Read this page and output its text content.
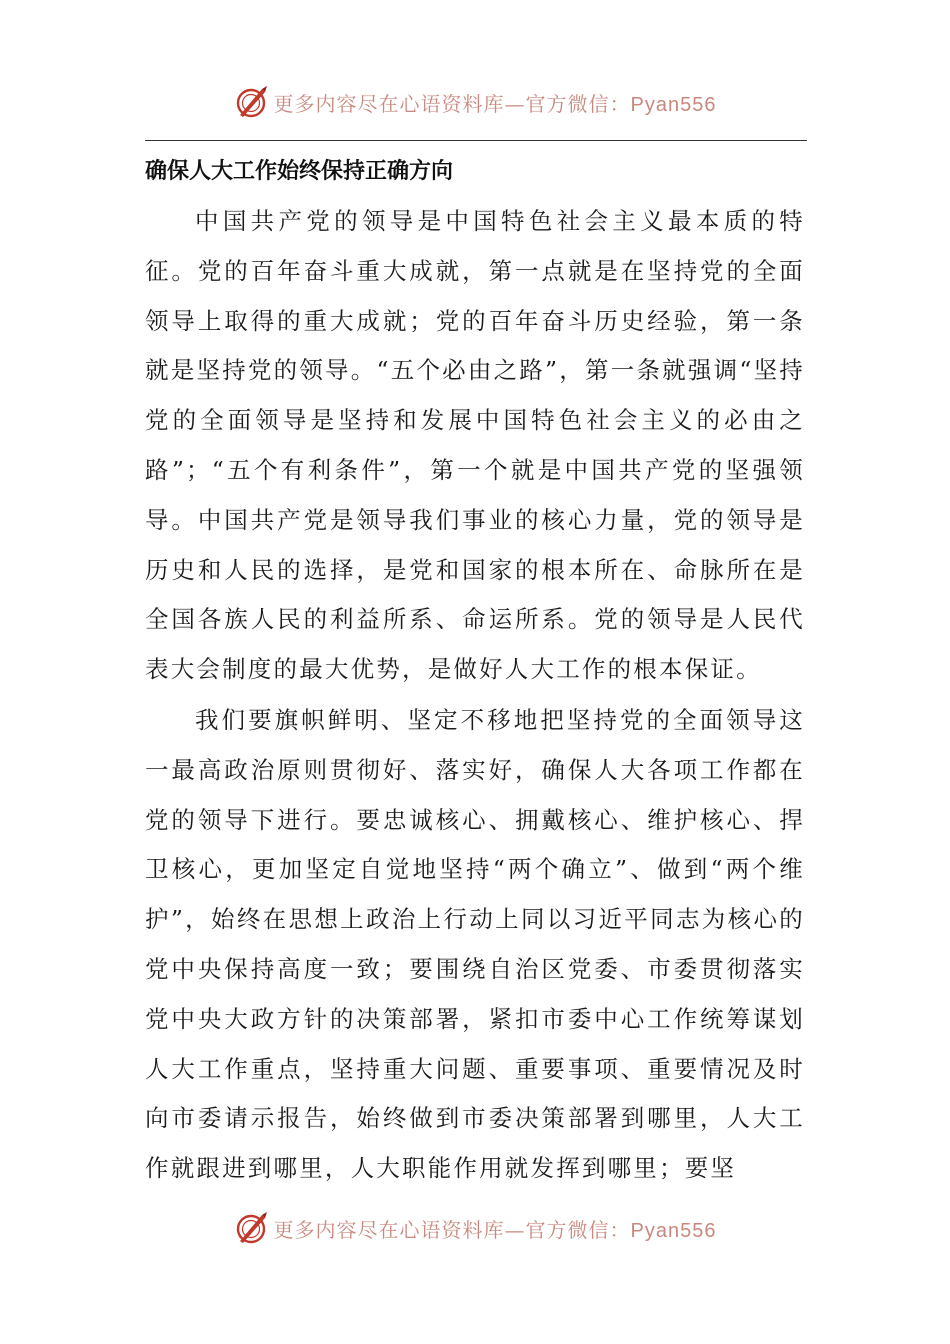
更多内容尽在心语资料库—官方微信：Pyan556
确保人大工作始终保持正确方向

中国共产党的领导是中国特色社会主义最本质的特征。党的百年奋斗重大成就，第一点就是在坚持党的全面领导上取得的重大成就；党的百年奋斗历史经验，第一条就是坚持党的领导。“五个必由之路”，第一条就强调“坚持党的全面领导是坚持和发展中国特色社会主义的必由之路”；“五个有利条件”，第一个就是中国共产党的坚强领导。中国共产党是领导我们事业的核心力量，党的领导是历史和人民的选择，是党和国家的根本所在、命脉所在是全国各族人民的利益所系、命运所系。党的领导是人民代表大会制度的最大优势，是做好人大工作的根本保证。

我们要旗帜鲜明、坚定不移地把坚持党的全面领导这一最高政治原则贯彻好、落实好，确保人大各项工作都在党的领导下进行。要忠诚核心、拥戴核心、维护核心、捍卫核心，更加坚定自觉地坚持“两个确立”、做到“两个维护”，始终在思想上政治上行动上同以习近平同志为核心的党中央保持高度一致；要围绕自治区党委、市委贯彻落实党中央大政方针的决策部署，紧扣市委中心工作统筹谋划人大工作重点，坚持重大问题、重要事项、重要情况及时向市委请示报告，始终做到市委决策部署到哪里，人大工作就跟进到哪里，人大职能作用就发挥到哪里；要坚

更多内容尽在心语资料库—官方微信：Pyan556
